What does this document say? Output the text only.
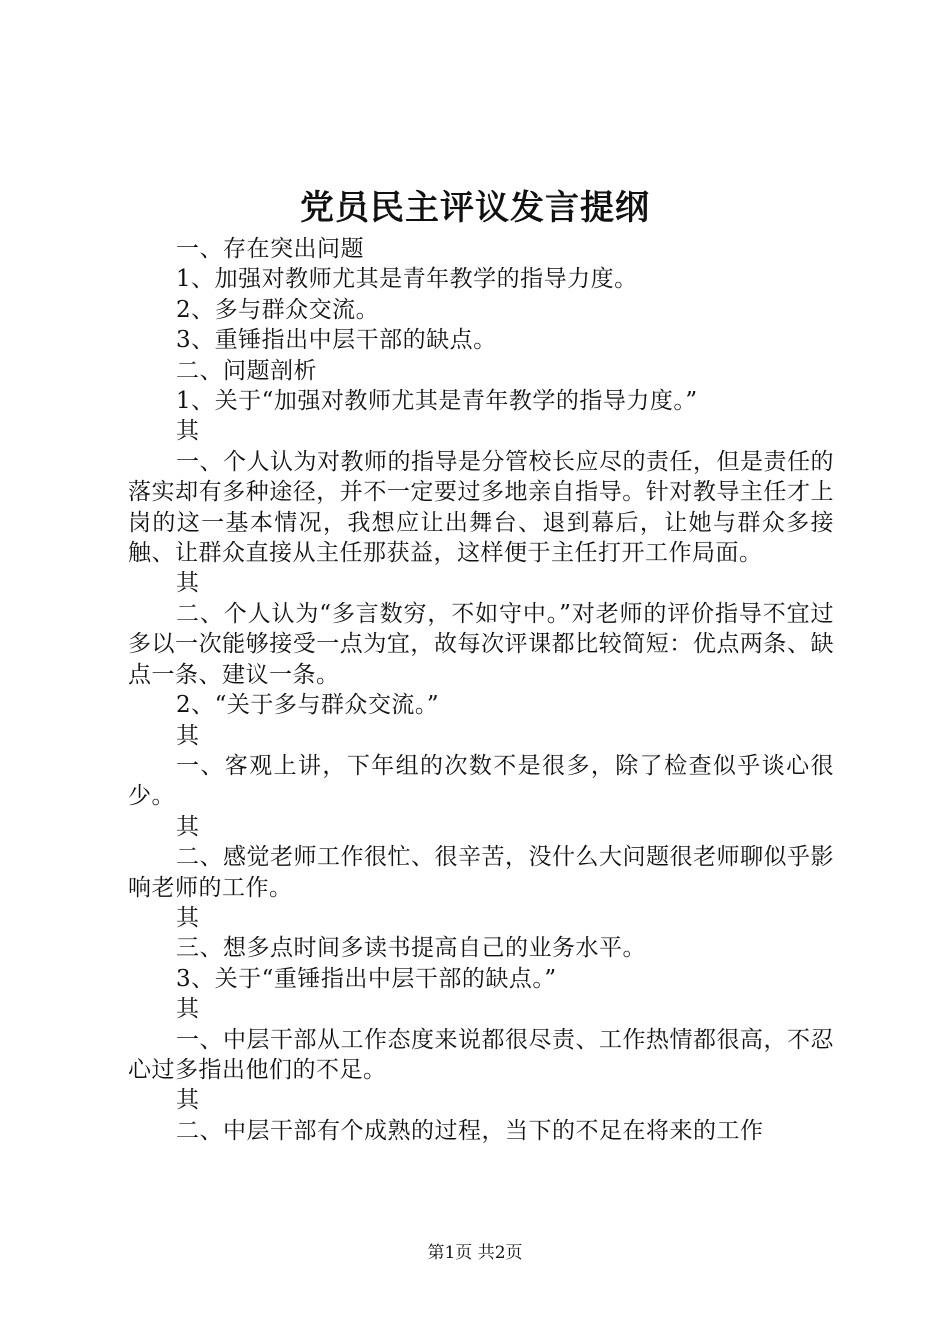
党员民主评议发言提纲

一、存在突出问题

1、加强对教师尤其是青年教学的指导力度。

2、多与群众交流。

3、重锤指出中层干部的缺点。

二、问题剖析

1、关于“加强对教师尤其是青年教学的指导力度。”

其

一、个人认为对教师的指导是分管校长应尽的责任，但是责任的落实却有多种途径，并不一定要过多地亲自指导。针对教导主任才上岗的这一基本情况，我想应让出舞台、退到幕后，让她与群众多接触、让群众直接从主任那获益，这样便于主任打开工作局面。

其

二、个人认为“多言数穷，不如守中。”对老师的评价指导不宜过多以一次能够接受一点为宜，故每次评课都比较简短：优点两条、缺点一条、建议一条。

2、“关于多与群众交流。”

其

一、客观上讲，下年组的次数不是很多，除了检查似乎谈心很少。

其

二、感觉老师工作很忙、很辛苦，没什么大问题很老师聊似乎影响老师的工作。

其

三、想多点时间多读书提高自己的业务水平。

3、关于“重锤指出中层干部的缺点。”

其

一、中层干部从工作态度来说都很尽责、工作热情都很高，不忍心过多指出他们的不足。

其

二、中层干部有个成熟的过程，当下的不足在将来的工作

第1页 共2页
